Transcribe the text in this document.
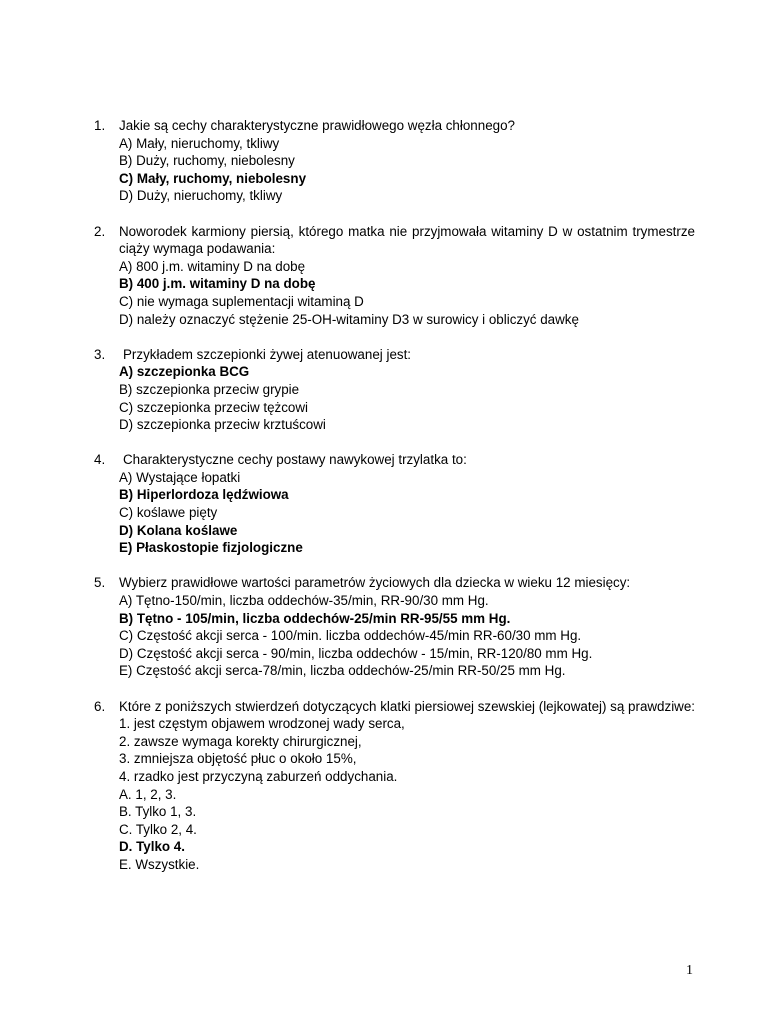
1.	Jakie są cechy charakterystyczne prawidłowego węzła chłonnego?
A) Mały, nieruchomy, tkliwy
B) Duży, ruchomy, niebolesny
C) Mały, ruchomy, niebolesny
D) Duży, nieruchomy, tkliwy
2.	Noworodek karmiony piersią, którego matka nie przyjmowała witaminy D w ostatnim trymestrze ciąży wymaga podawania:
A) 800 j.m. witaminy D na dobę
B) 400 j.m. witaminy D na dobę
C) nie wymaga suplementacji witaminą D
D) należy oznaczyć stężenie 25-OH-witaminy D3 w surowicy i obliczyć dawkę
3.	Przykładem szczepionki żywej atenuowanej jest:
A) szczepionka BCG
B) szczepionka przeciw grypie
C) szczepionka przeciw tężcowi
D) szczepionka przeciw krztuścowi
4.	Charakterystyczne cechy postawy nawykowej trzylatka to:
A) Wystające łopatki
B) Hiperlordoza lędźwiowa
C) koślawe pięty
D) Kolana koślawe
E) Płaskostopie fizjologiczne
5.	Wybierz prawidłowe wartości parametrów życiowych dla dziecka w wieku 12 miesięcy:
A) Tętno-150/min, liczba oddechów-35/min, RR-90/30 mm Hg.
B) Tętno - 105/min, liczba oddechów-25/min RR-95/55 mm Hg.
C) Częstość akcji serca - 100/min. liczba oddechów-45/min RR-60/30 mm Hg.
D) Częstość akcji serca - 90/min, liczba oddechów - 15/min, RR-120/80 mm Hg.
E) Częstość akcji serca-78/min, liczba oddechów-25/min RR-50/25 mm Hg.
6.	Które z poniższych stwierdzeń dotyczących klatki piersiowej szewskiej (lejkowatej) są prawdziwe:
1. jest częstym objawem wrodzonej wady serca,
2. zawsze wymaga korekty chirurgicznej,
3. zmniejsza objętość płuc o około 15%,
4. rzadko jest przyczyną zaburzeń oddychania.
A. 1, 2, 3.
B. Tylko 1, 3.
C. Tylko 2, 4.
D. Tylko 4.
E. Wszystkie.
1
